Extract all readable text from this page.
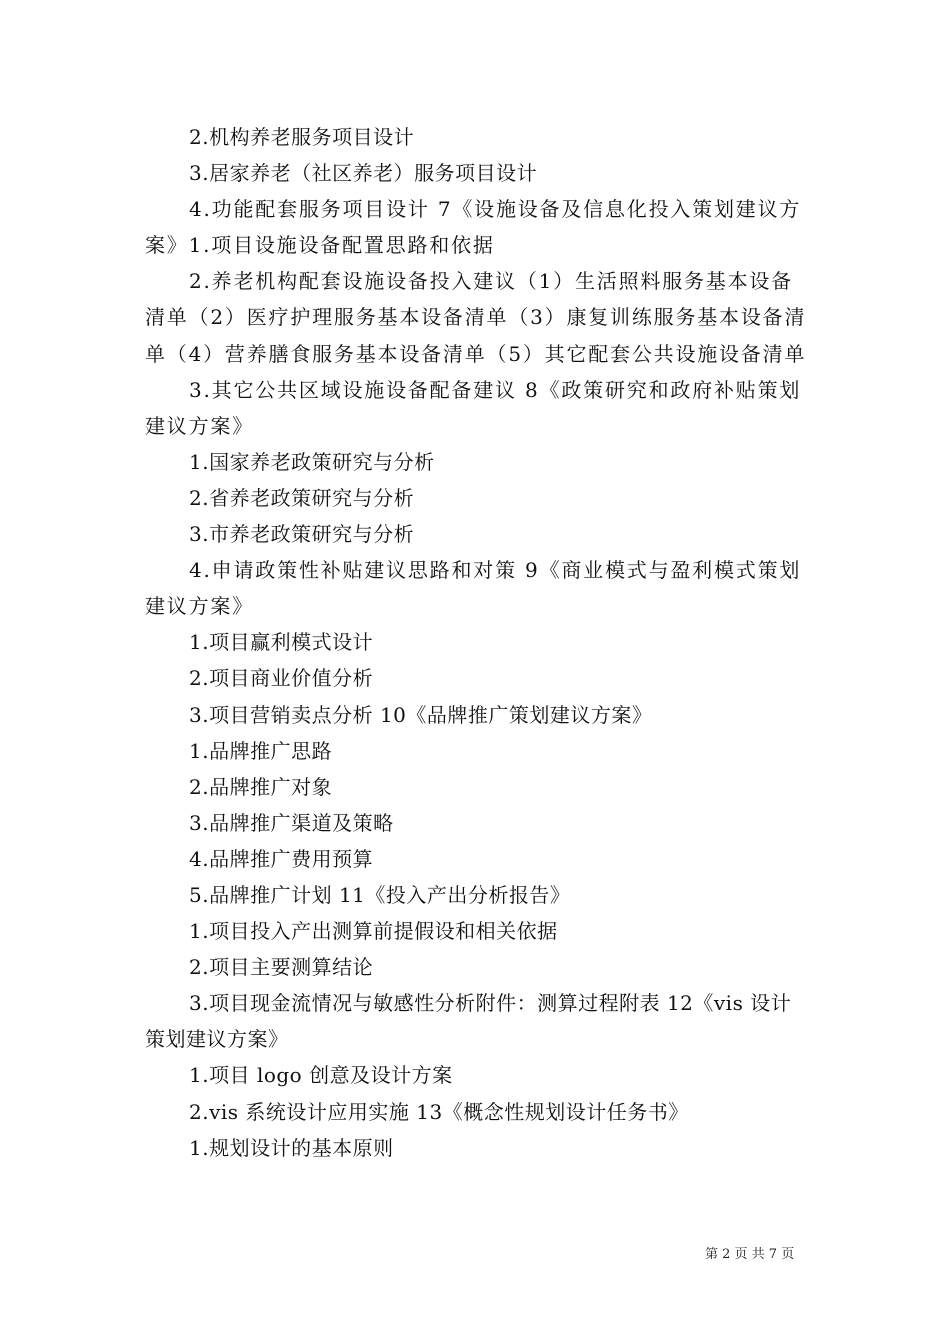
2.机构养老服务项目设计

3.居家养老（社区养老）服务项目设计

4.功能配套服务项目设计 7《设施设备及信息化投入策划建议方案》1.项目设施设备配置思路和依据

2.养老机构配套设施设备投入建议（1）生活照料服务基本设备清单（2）医疗护理服务基本设备清单（3）康复训练服务基本设备清单（4）营养膳食服务基本设备清单（5）其它配套公共设施设备清单

3.其它公共区域设施设备配备建议 8《政策研究和政府补贴策划建议方案》

1.国家养老政策研究与分析

2.省养老政策研究与分析

3.市养老政策研究与分析

4.申请政策性补贴建议思路和对策 9《商业模式与盈利模式策划建议方案》

1.项目赢利模式设计

2.项目商业价值分析

3.项目营销卖点分析 10《品牌推广策划建议方案》

1.品牌推广思路

2.品牌推广对象

3.品牌推广渠道及策略

4.品牌推广费用预算

5.品牌推广计划 11《投入产出分析报告》

1.项目投入产出测算前提假设和相关依据

2.项目主要测算结论

3.项目现金流情况与敏感性分析附件：测算过程附表 12《vis 设计策划建议方案》

1.项目 logo 创意及设计方案

2.vis 系统设计应用实施 13《概念性规划设计任务书》

1.规划设计的基本原则

第 2 页 共 7 页
